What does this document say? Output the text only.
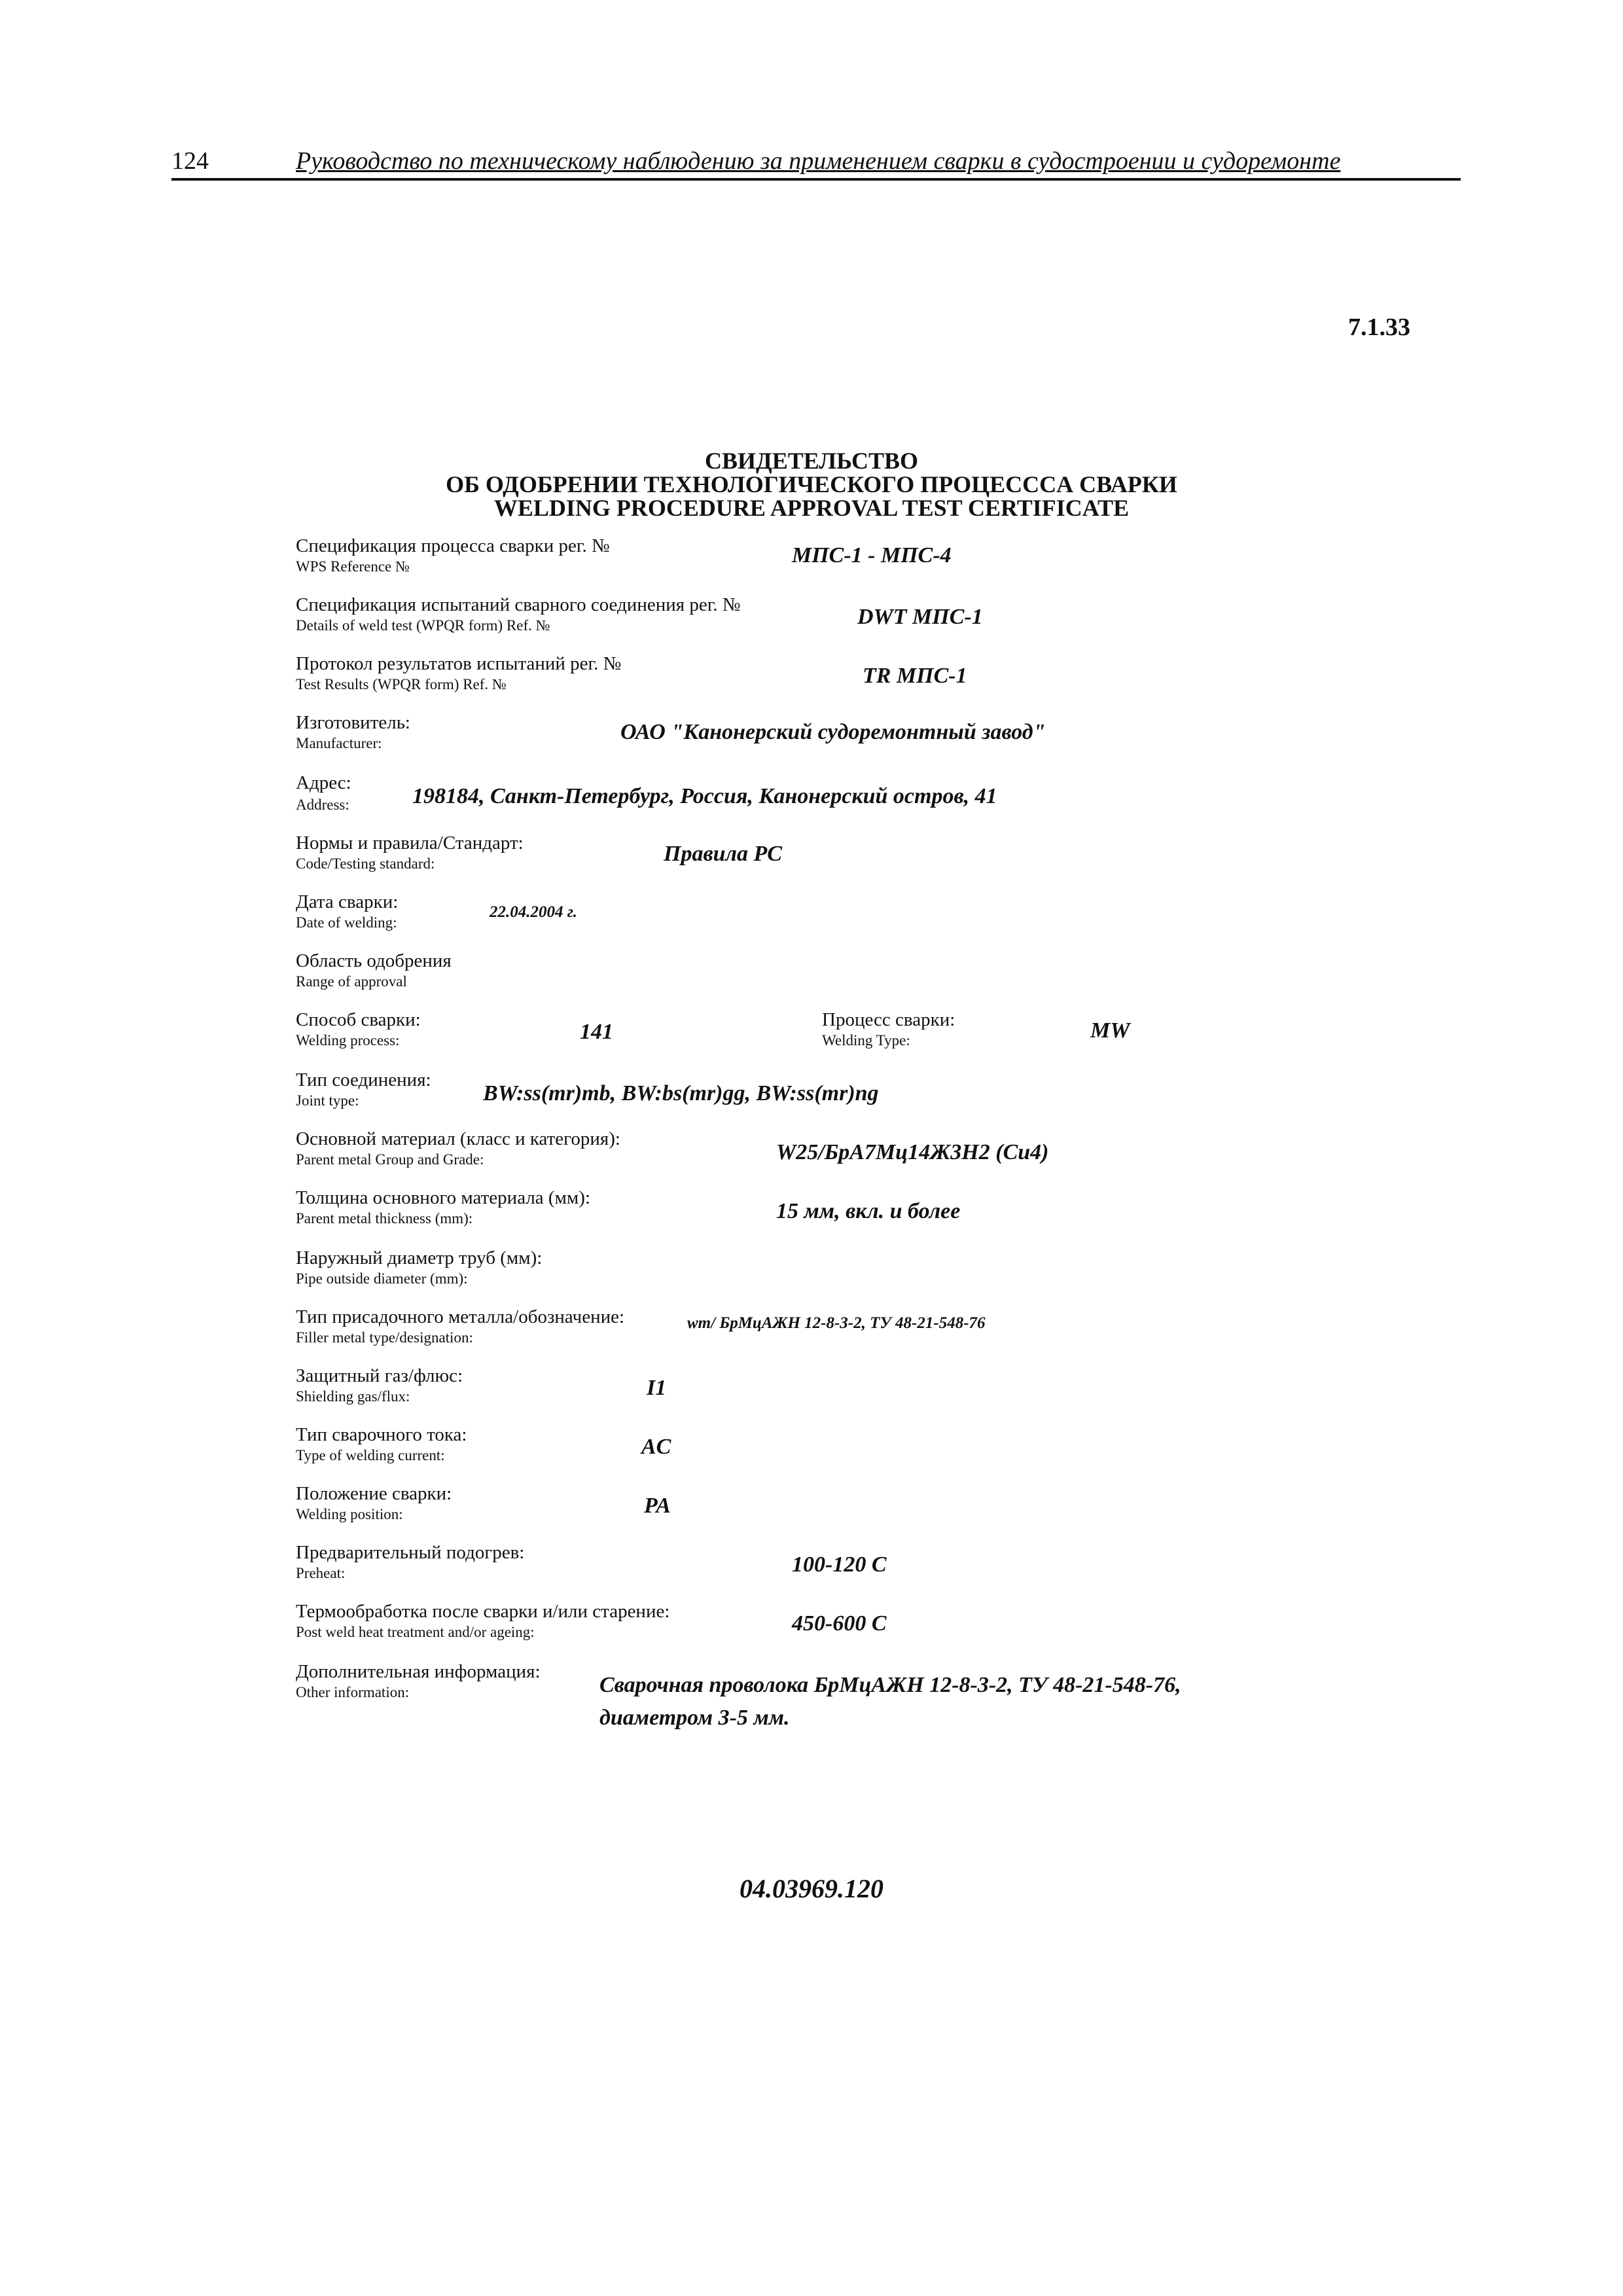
124	Руководство по техническому наблюдению за применением сварки в судостроении и судоремонте
7.1.33
СВИДЕТЕЛЬСТВО
ОБ ОДОБРЕНИИ ТЕХНОЛОГИЧЕСКОГО ПРОЦЕССCА СВАРКИ
WELDING PROCEDURE APPROVAL TEST CERTIFICATE
Спецификация процесса сварки рег. №
WPS Reference №	МПС-1 - МПС-4
Спецификация испытаний сварного соединения рег. №
Details of weld test (WPQR form) Ref. №	DWT МПС-1
Протокол результатов испытаний рег. №
Test Results (WPQR form) Ref. №	TR МПС-1
Изготовитель:
Manufacturer:	ОАО "Канонерский судоремонтный завод"
Адрес:
Address:	198184, Санкт-Петербург, Россия, Канонерский остров, 41
Нормы и правила/Стандарт:
Code/Testing standard:	Правила РС
Дата сварки:
Date of welding:
22.04.2004 г.
Область одобрения
Range of approval
Способ сварки:
Welding process:	141	Процесс сварки:
Welding Type:	MW
Тип соединения:
Joint type:	BW:ss(mr)mb, BW:bs(mr)gg, BW:ss(mr)ng
Основной материал (класс и категория):
Parent metal Group and Grade:	W25/БрА7Мц14Ж3Н2 (Cu4)
Толщина основного материала (мм):
Parent metal thickness (mm):	15 мм, вкл. и более
Наружный диаметр труб (мм):
Pipe outside diameter (mm):
Тип присадочного металла/обозначение:
Filler metal type/designation:
wm/ БрМцАЖН 12-8-3-2, ТУ 48-21-548-76
Защитный газ/флюс:
Shielding gas/flux:	I1
Тип сварочного тока:
Type of welding current:	AC
Положение сварки:
Welding position:	PA
Предварительный подогрев:
Preheat:	100-120 С
Термообработка после сварки и/или старение:
Post weld heat treatment and/or ageing:	450-600 С
Дополнительная информация:
Other information:	Сварочная проволока БрМцАЖН 12-8-3-2, ТУ 48-21-548-76,
диаметром 3-5 мм.
04.03969.120
